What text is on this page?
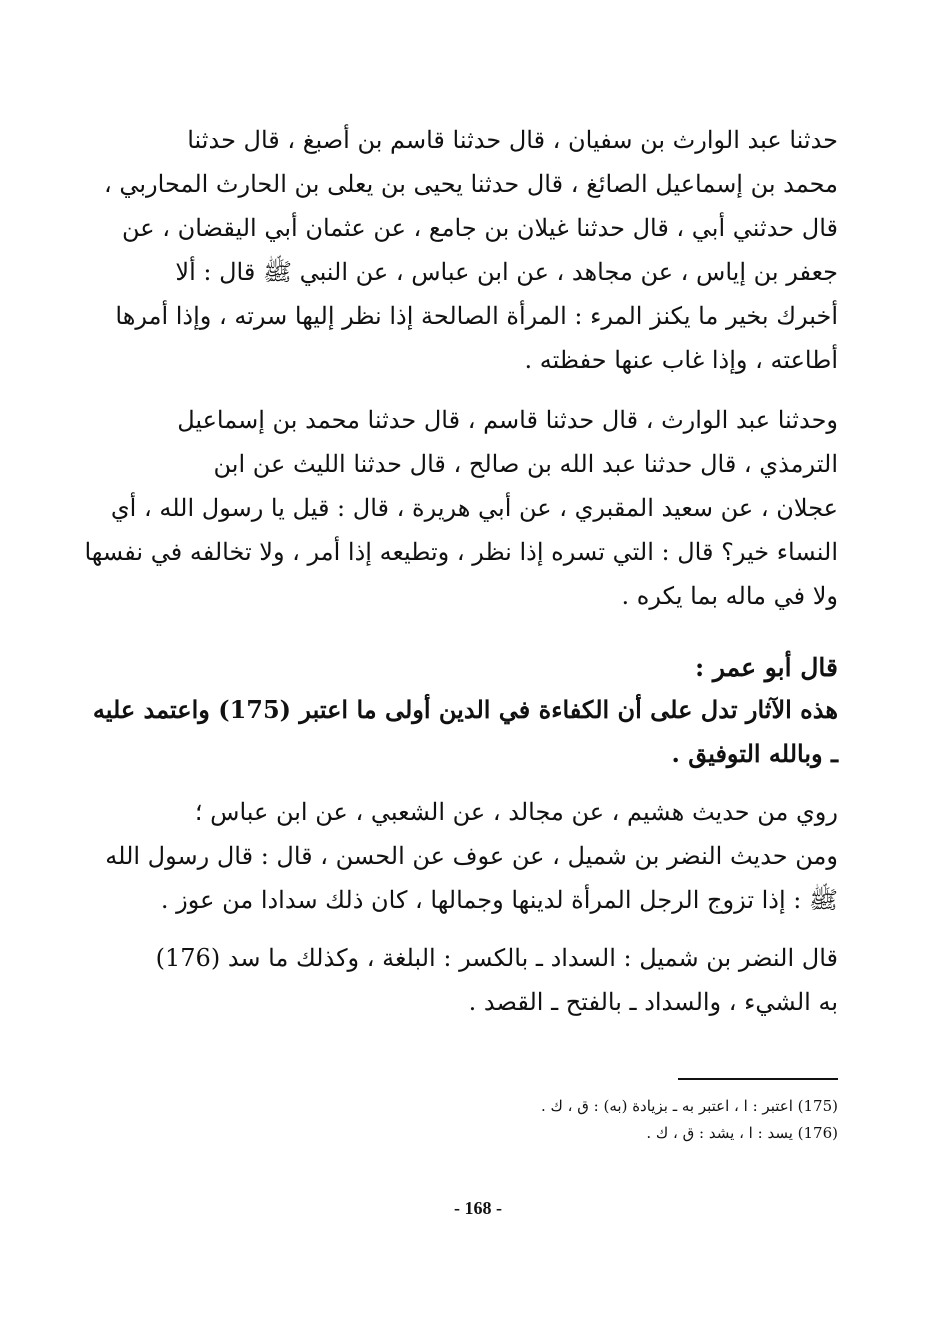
حدثنا عبد الوارث بن سفيان ، قال حدثنا قاسم بن أصبغ ، قال حدثنا
محمد بن إسماعيل الصائغ ، قال حدثنا يحيى بن يعلى بن الحارث المحاربي ،
قال حدثني أبي ، قال حدثنا غيلان بن جامع ، عن عثمان أبي اليقضان ، عن
جعفر بن إياس ، عن مجاهد ، عن ابن عباس ، عن النبي ﷺ قال : ألا
أخبرك بخير ما يكنز المرء : المرأة الصالحة إذا نظر إليها سرته ، وإذا أمرها
أطاعته ، وإذا غاب عنها حفظته .
وحدثنا عبد الوارث ، قال حدثنا قاسم ، قال حدثنا محمد بن إسماعيل
الترمذي ، قال حدثنا عبد الله بن صالح ، قال حدثنا الليث عن ابن
عجلان ، عن سعيد المقبري ، عن أبي هريرة ، قال : قيل يا رسول الله ، أي
النساء خير؟ قال : التي تسره إذا نظر ، وتطيعه إذا أمر ، ولا تخالفه في نفسها
ولا في ماله بما يكره .
قال أبو عمر :
هذه الآثار تدل على أن الكفاءة في الدين أولى ما اعتبر (175) واعتمد عليه
ـ وبالله التوفيق .
روي من حديث هشيم ، عن مجالد ، عن الشعبي ، عن ابن عباس ؛
ومن حديث النضر بن شميل ، عن عوف عن الحسن ، قال : قال رسول الله
ﷺ : إذا تزوج الرجل المرأة لدينها وجمالها ، كان ذلك سدادا من عوز .
قال النضر بن شميل : السداد ـ بالكسر : البلغة ، وكذلك ما سد (176)
به الشيء ، والسداد ـ بالفتح ـ القصد .
(175) اعتبر : ا ، اعتبر به ـ بزيادة (به) : ق ، ك .
(176) يسد : ا ، يشد : ق ، ك .
- 168 -
